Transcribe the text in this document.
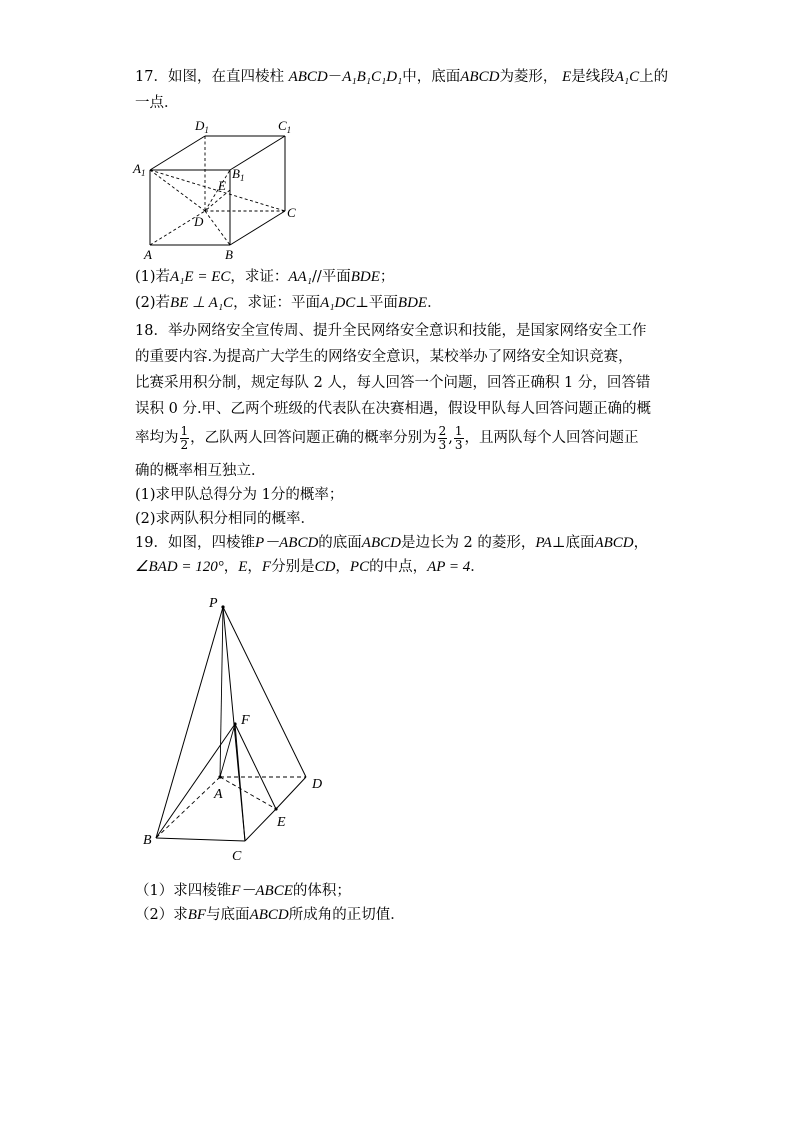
17．如图，在直四棱柱 ABCD－A₁B₁C₁D₁中，底面ABCD为菱形， E是线段A₁C上的
一点．
$D_1$	$C_1$
$A_1$	$B_1$
E
D
C
A	B
(1)若A₁E = EC，求证：AA₁//平面BDE；
(2)若BE ⊥ A₁C，求证：平面A₁DC⊥平面BDE．
18．举办网络安全宣传周、提升全民网络安全意识和技能，是国家网络安全工作
的重要内容.为提高广大学生的网络安全意识，某校举办了网络安全知识竞赛，
比赛采用积分制，规定每队 2 人，每人回答一个问题，回答正确积 1 分，回答错
误积 0 分.甲、乙两个班级的代表队在决赛相遇，假设甲队每人回答问题正确的概
率均为 $\frac{1}{2}$ ，乙队两人回答问题正确的概率分别为 $\frac{2}{3}$ , $\frac{1}{3}$ ，且两队每个人回答问题正
确的概率相互独立．
(1)求甲队总得分为 1分的概率；
(2)求两队积分相同的概率．
19．如图，四棱锥P－ABCD的底面ABCD是边长为 2 的菱形，PA⊥底面ABCD，
∠BAD = 120°，E，F分别是CD，PC的中点，AP = 4．
P
F
A
D
E
B
C
（1）求四棱锥F－ABCE的体积；
（2）求BF与底面ABCD所成角的正切值．
